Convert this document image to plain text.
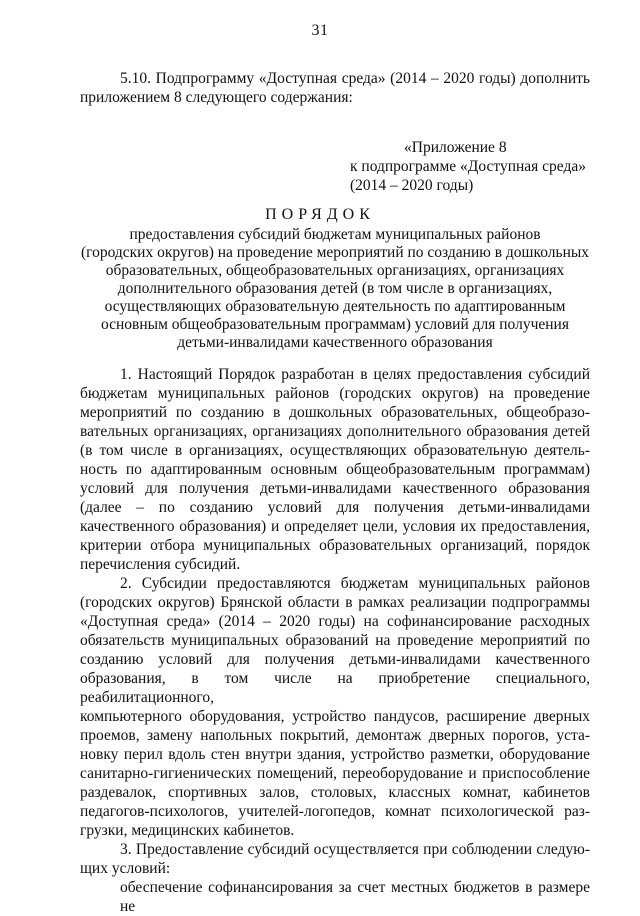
31

5.10. Подпрограмму «Доступная среда» (2014 – 2020 годы) дополнить приложением 8 следующего содержания:

«Приложение 8
к подпрограмме «Доступная среда»
(2014 – 2020 годы)
ПОРЯДОК
предоставления субсидий бюджетам муниципальных районов
(городских округов) на проведение мероприятий по созданию в дошкольных
образовательных, общеобразовательных организациях, организациях
дополнительного образования детей (в том числе в организациях,
осуществляющих образовательную деятельность по адаптированным
основным общеобразовательным программам) условий для получения
детьми-инвалидами качественного образования

1. Настоящий Порядок разработан в целях предоставления субсидий
бюджетам муниципальных районов (городских округов) на проведение
мероприятий по созданию в дошкольных образовательных, общеобразо-
вательных организациях, организациях дополнительного образования детей
(в том числе в организациях, осуществляющих образовательную деятель-
ность по адаптированным основным общеобразовательным программам)
условий для получения детьми-инвалидами качественного образования
(далее – по созданию условий для получения детьми-инвалидами
качественного образования) и определяет цели, условия их предоставления,
критерии отбора муниципальных образовательных организаций, порядок
перечисления субсидий.

2. Субсидии предоставляются бюджетам муниципальных районов
(городских округов) Брянской области в рамках реализации подпрограммы
«Доступная среда» (2014 – 2020 годы) на софинансирование расходных
обязательств муниципальных образований на проведение мероприятий по
созданию условий для получения детьми-инвалидами качественного
образования, в том числе на приобретение специального, реабилитационного,
компьютерного оборудования, устройство пандусов, расширение дверных
проемов, замену напольных покрытий, демонтаж дверных порогов, уста-
новку перил вдоль стен внутри здания, устройство разметки, оборудование
санитарно-гигиенических помещений, переоборудование и приспособление
раздевалок, спортивных залов, столовых, классных комнат, кабинетов
педагогов-психологов, учителей-логопедов, комнат психологической раз-
грузки, медицинских кабинетов.

3. Предоставление субсидий осуществляется при соблюдении следую-
щих условий:

обеспечение софинансирования за счет местных бюджетов в размере не
